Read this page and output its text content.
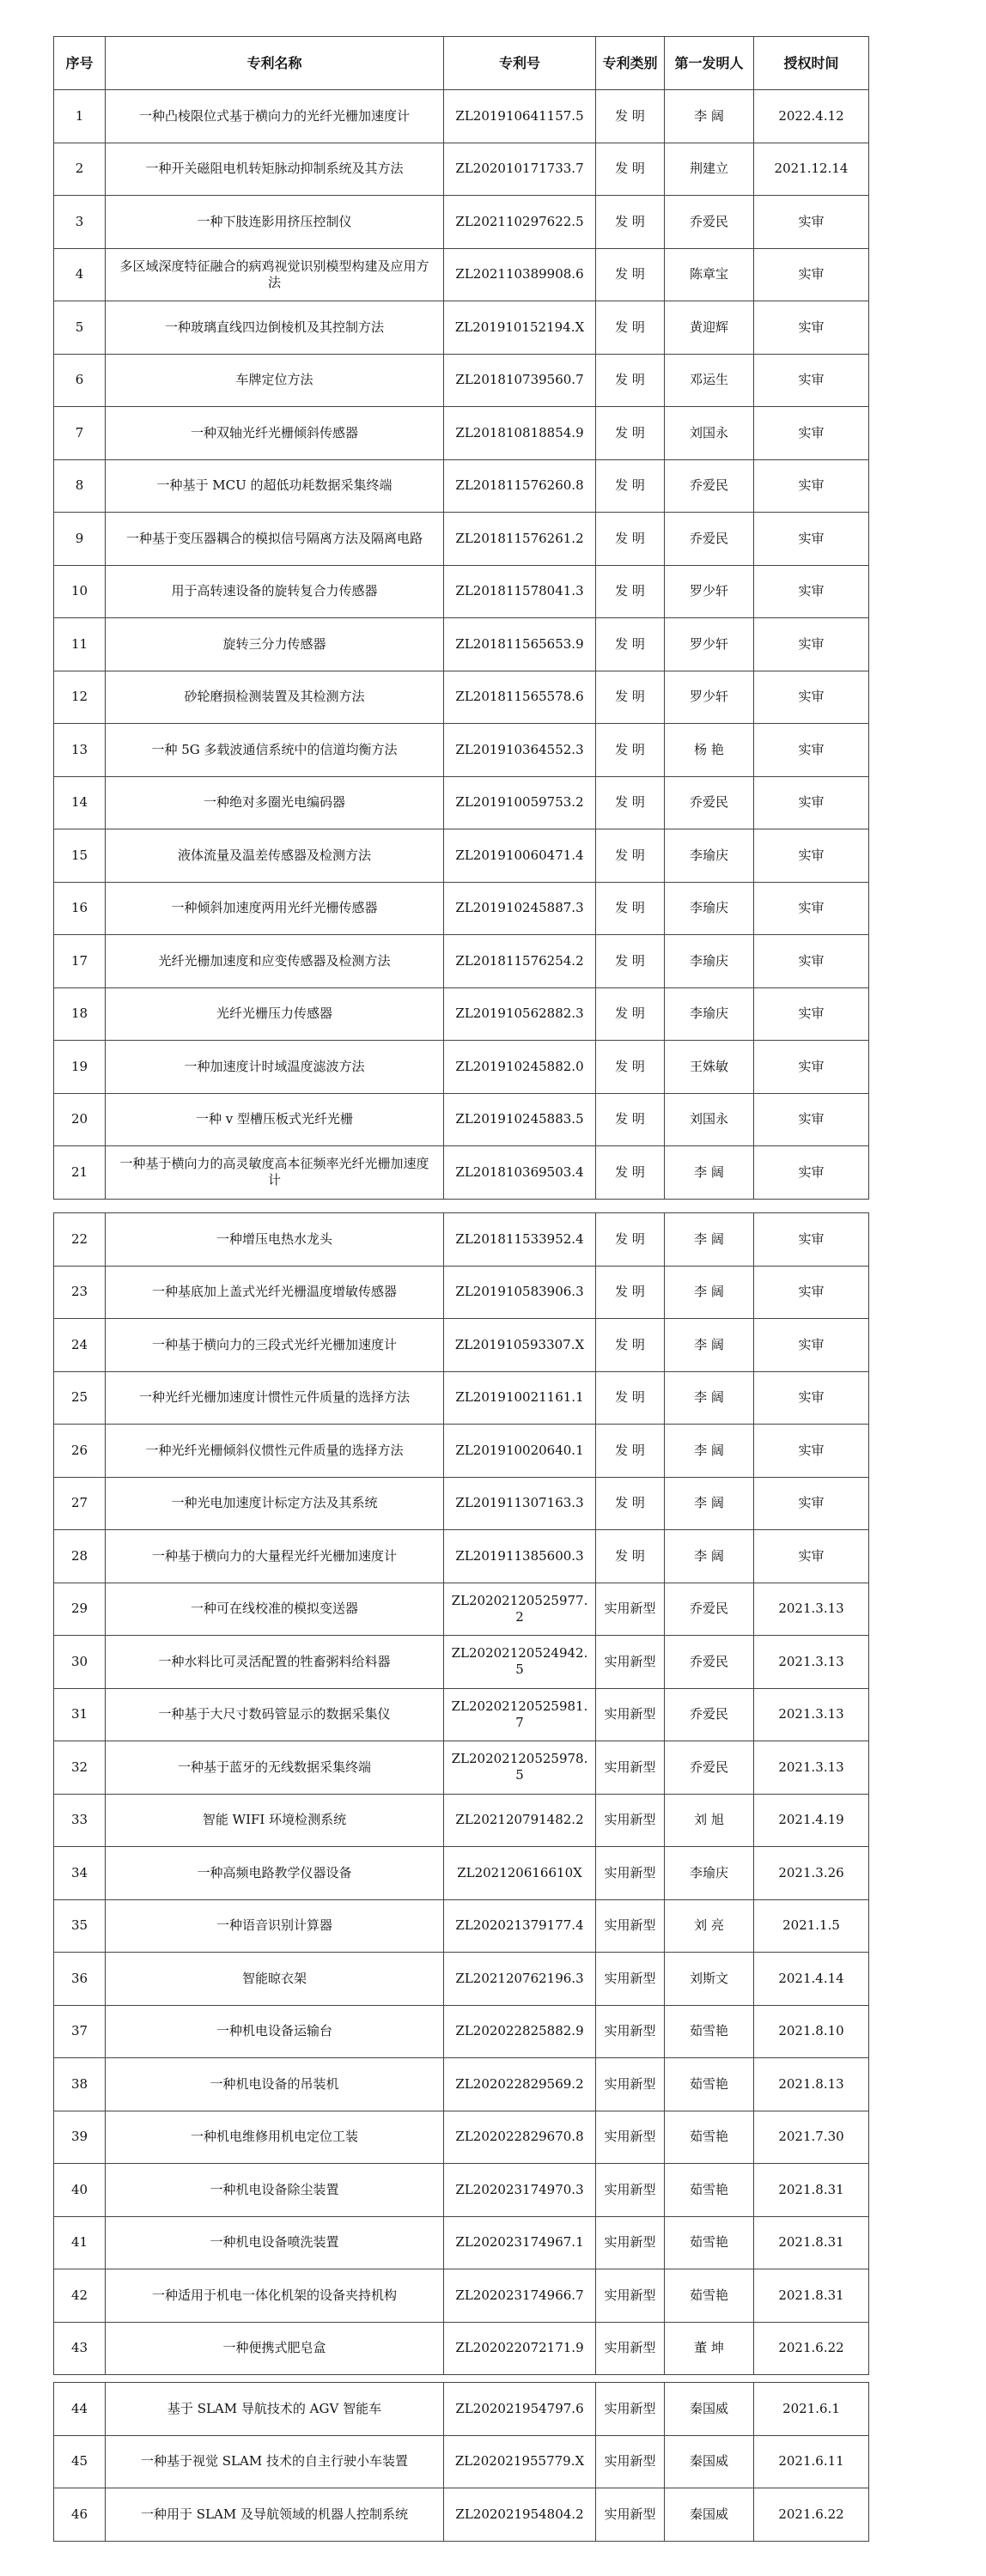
序号	专利名称	专利号	专利类别	第一发明人	授权时间
1	一种凸棱限位式基于横向力的光纤光栅加速度计	ZL201910641157.5	发 明	李 阔	2022.4.12
2	一种开关磁阻电机转矩脉动抑制系统及其方法	ZL202010171733.7	发 明	荆建立	2021.12.14
3	一种下肢连影用挤压控制仪	ZL202110297622.5	发 明	乔爱民	实审
4	多区域深度特征融合的病鸡视觉识别模型构建及应用方法	ZL202110389908.6	发 明	陈章宝	实审
5	一种玻璃直线四边倒棱机及其控制方法	ZL201910152194.X	发 明	黄迎辉	实审
6	车牌定位方法	ZL201810739560.7	发 明	邓运生	实审
7	一种双轴光纤光栅倾斜传感器	ZL201810818854.9	发 明	刘国永	实审
8	一种基于 MCU 的超低功耗数据采集终端	ZL201811576260.8	发 明	乔爱民	实审
9	一种基于变压器耦合的模拟信号隔离方法及隔离电路	ZL201811576261.2	发 明	乔爱民	实审
10	用于高转速设备的旋转复合力传感器	ZL201811578041.3	发 明	罗少轩	实审
11	旋转三分力传感器	ZL201811565653.9	发 明	罗少轩	实审
12	砂轮磨损检测装置及其检测方法	ZL201811565578.6	发 明	罗少轩	实审
13	一种 5G 多载波通信系统中的信道均衡方法	ZL201910364552.3	发 明	杨 艳	实审
14	一种绝对多圈光电编码器	ZL201910059753.2	发 明	乔爱民	实审
15	液体流量及温差传感器及检测方法	ZL201910060471.4	发 明	李瑜庆	实审
16	一种倾斜加速度两用光纤光栅传感器	ZL201910245887.3	发 明	李瑜庆	实审
17	光纤光栅加速度和应变传感器及检测方法	ZL201811576254.2	发 明	李瑜庆	实审
18	光纤光栅压力传感器	ZL201910562882.3	发 明	李瑜庆	实审
19	一种加速度计时域温度滤波方法	ZL201910245882.0	发 明	王姝敏	实审
20	一种 v 型槽压板式光纤光栅	ZL201910245883.5	发 明	刘国永	实审
21	一种基于横向力的高灵敏度高本征频率光纤光栅加速度计	ZL201810369503.4	发 明	李 阔	实审
22	一种增压电热水龙头	ZL201811533952.4	发 明	李 阔	实审
23	一种基底加上盖式光纤光栅温度增敏传感器	ZL201910583906.3	发 明	李 阔	实审
24	一种基于横向力的三段式光纤光栅加速度计	ZL201910593307.X	发 明	李 阔	实审
25	一种光纤光栅加速度计惯性元件质量的选择方法	ZL201910021161.1	发 明	李 阔	实审
26	一种光纤光栅倾斜仪惯性元件质量的选择方法	ZL201910020640.1	发 明	李 阔	实审
27	一种光电加速度计标定方法及其系统	ZL201911307163.3	发 明	李 阔	实审
28	一种基于横向力的大量程光纤光栅加速度计	ZL201911385600.3	发 明	李 阔	实审
29	一种可在线校准的模拟变送器	ZL20202120525977.2	实用新型	乔爱民	2021.3.13
30	一种水料比可灵活配置的牲畜粥料给料器	ZL20202120524942.5	实用新型	乔爱民	2021.3.13
31	一种基于大尺寸数码管显示的数据采集仪	ZL20202120525981.7	实用新型	乔爱民	2021.3.13
32	一种基于蓝牙的无线数据采集终端	ZL20202120525978.5	实用新型	乔爱民	2021.3.13
33	智能 WIFI 环境检测系统	ZL202120791482.2	实用新型	刘 旭	2021.4.19
34	一种高频电路教学仪器设备	ZL202120616610X	实用新型	李瑜庆	2021.3.26
35	一种语音识别计算器	ZL202021379177.4	实用新型	刘 亮	2021.1.5
36	智能晾衣架	ZL202120762196.3	实用新型	刘斯文	2021.4.14
37	一种机电设备运输台	ZL202022825882.9	实用新型	茹雪艳	2021.8.10
38	一种机电设备的吊装机	ZL202022829569.2	实用新型	茹雪艳	2021.8.13
39	一种机电维修用机电定位工装	ZL202022829670.8	实用新型	茹雪艳	2021.7.30
40	一种机电设备除尘装置	ZL202023174970.3	实用新型	茹雪艳	2021.8.31
41	一种机电设备喷洗装置	ZL202023174967.1	实用新型	茹雪艳	2021.8.31
42	一种适用于机电一体化机架的设备夹持机构	ZL202023174966.7	实用新型	茹雪艳	2021.8.31
43	一种便携式肥皂盒	ZL202022072171.9	实用新型	董 坤	2021.6.22
44	基于 SLAM 导航技术的 AGV 智能车	ZL202021954797.6	实用新型	秦国威	2021.6.1
45	一种基于视觉 SLAM 技术的自主行驶小车装置	ZL202021955779.X	实用新型	秦国威	2021.6.11
46	一种用于 SLAM 及导航领域的机器人控制系统	ZL202021954804.2	实用新型	秦国威	2021.6.22
